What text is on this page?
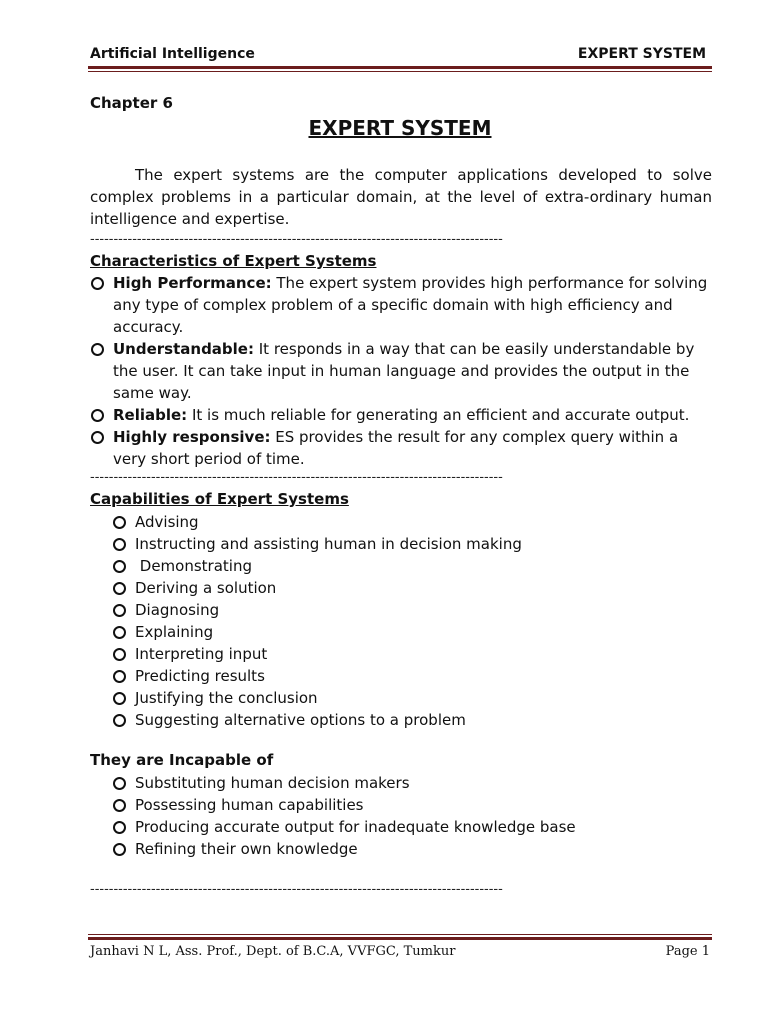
Artificial Intelligence	EXPERT SYSTEM
Chapter 6
EXPERT SYSTEM
The expert systems are the computer applications developed to solve complex problems in a particular domain, at the level of extra-ordinary human intelligence and expertise.
----------------------------------------------------------------------------------------
Characteristics of Expert Systems
High Performance: The expert system provides high performance for solving any type of complex problem of a specific domain with high efficiency and accuracy.
Understandable: It responds in a way that can be easily understandable by the user. It can take input in human language and provides the output in the same way.
Reliable: It is much reliable for generating an efficient and accurate output.
Highly responsive: ES provides the result for any complex query within a very short period of time.
----------------------------------------------------------------------------------------
Capabilities of Expert Systems
Advising
Instructing and assisting human in decision making
Demonstrating
Deriving a solution
Diagnosing
Explaining
Interpreting input
Predicting results
Justifying the conclusion
Suggesting alternative options to a problem
They are Incapable of
Substituting human decision makers
Possessing human capabilities
Producing accurate output for inadequate knowledge base
Refining their own knowledge
----------------------------------------------------------------------------------------
Janhavi N L, Ass. Prof., Dept. of B.C.A, VVFGC, Tumkur	Page 1
